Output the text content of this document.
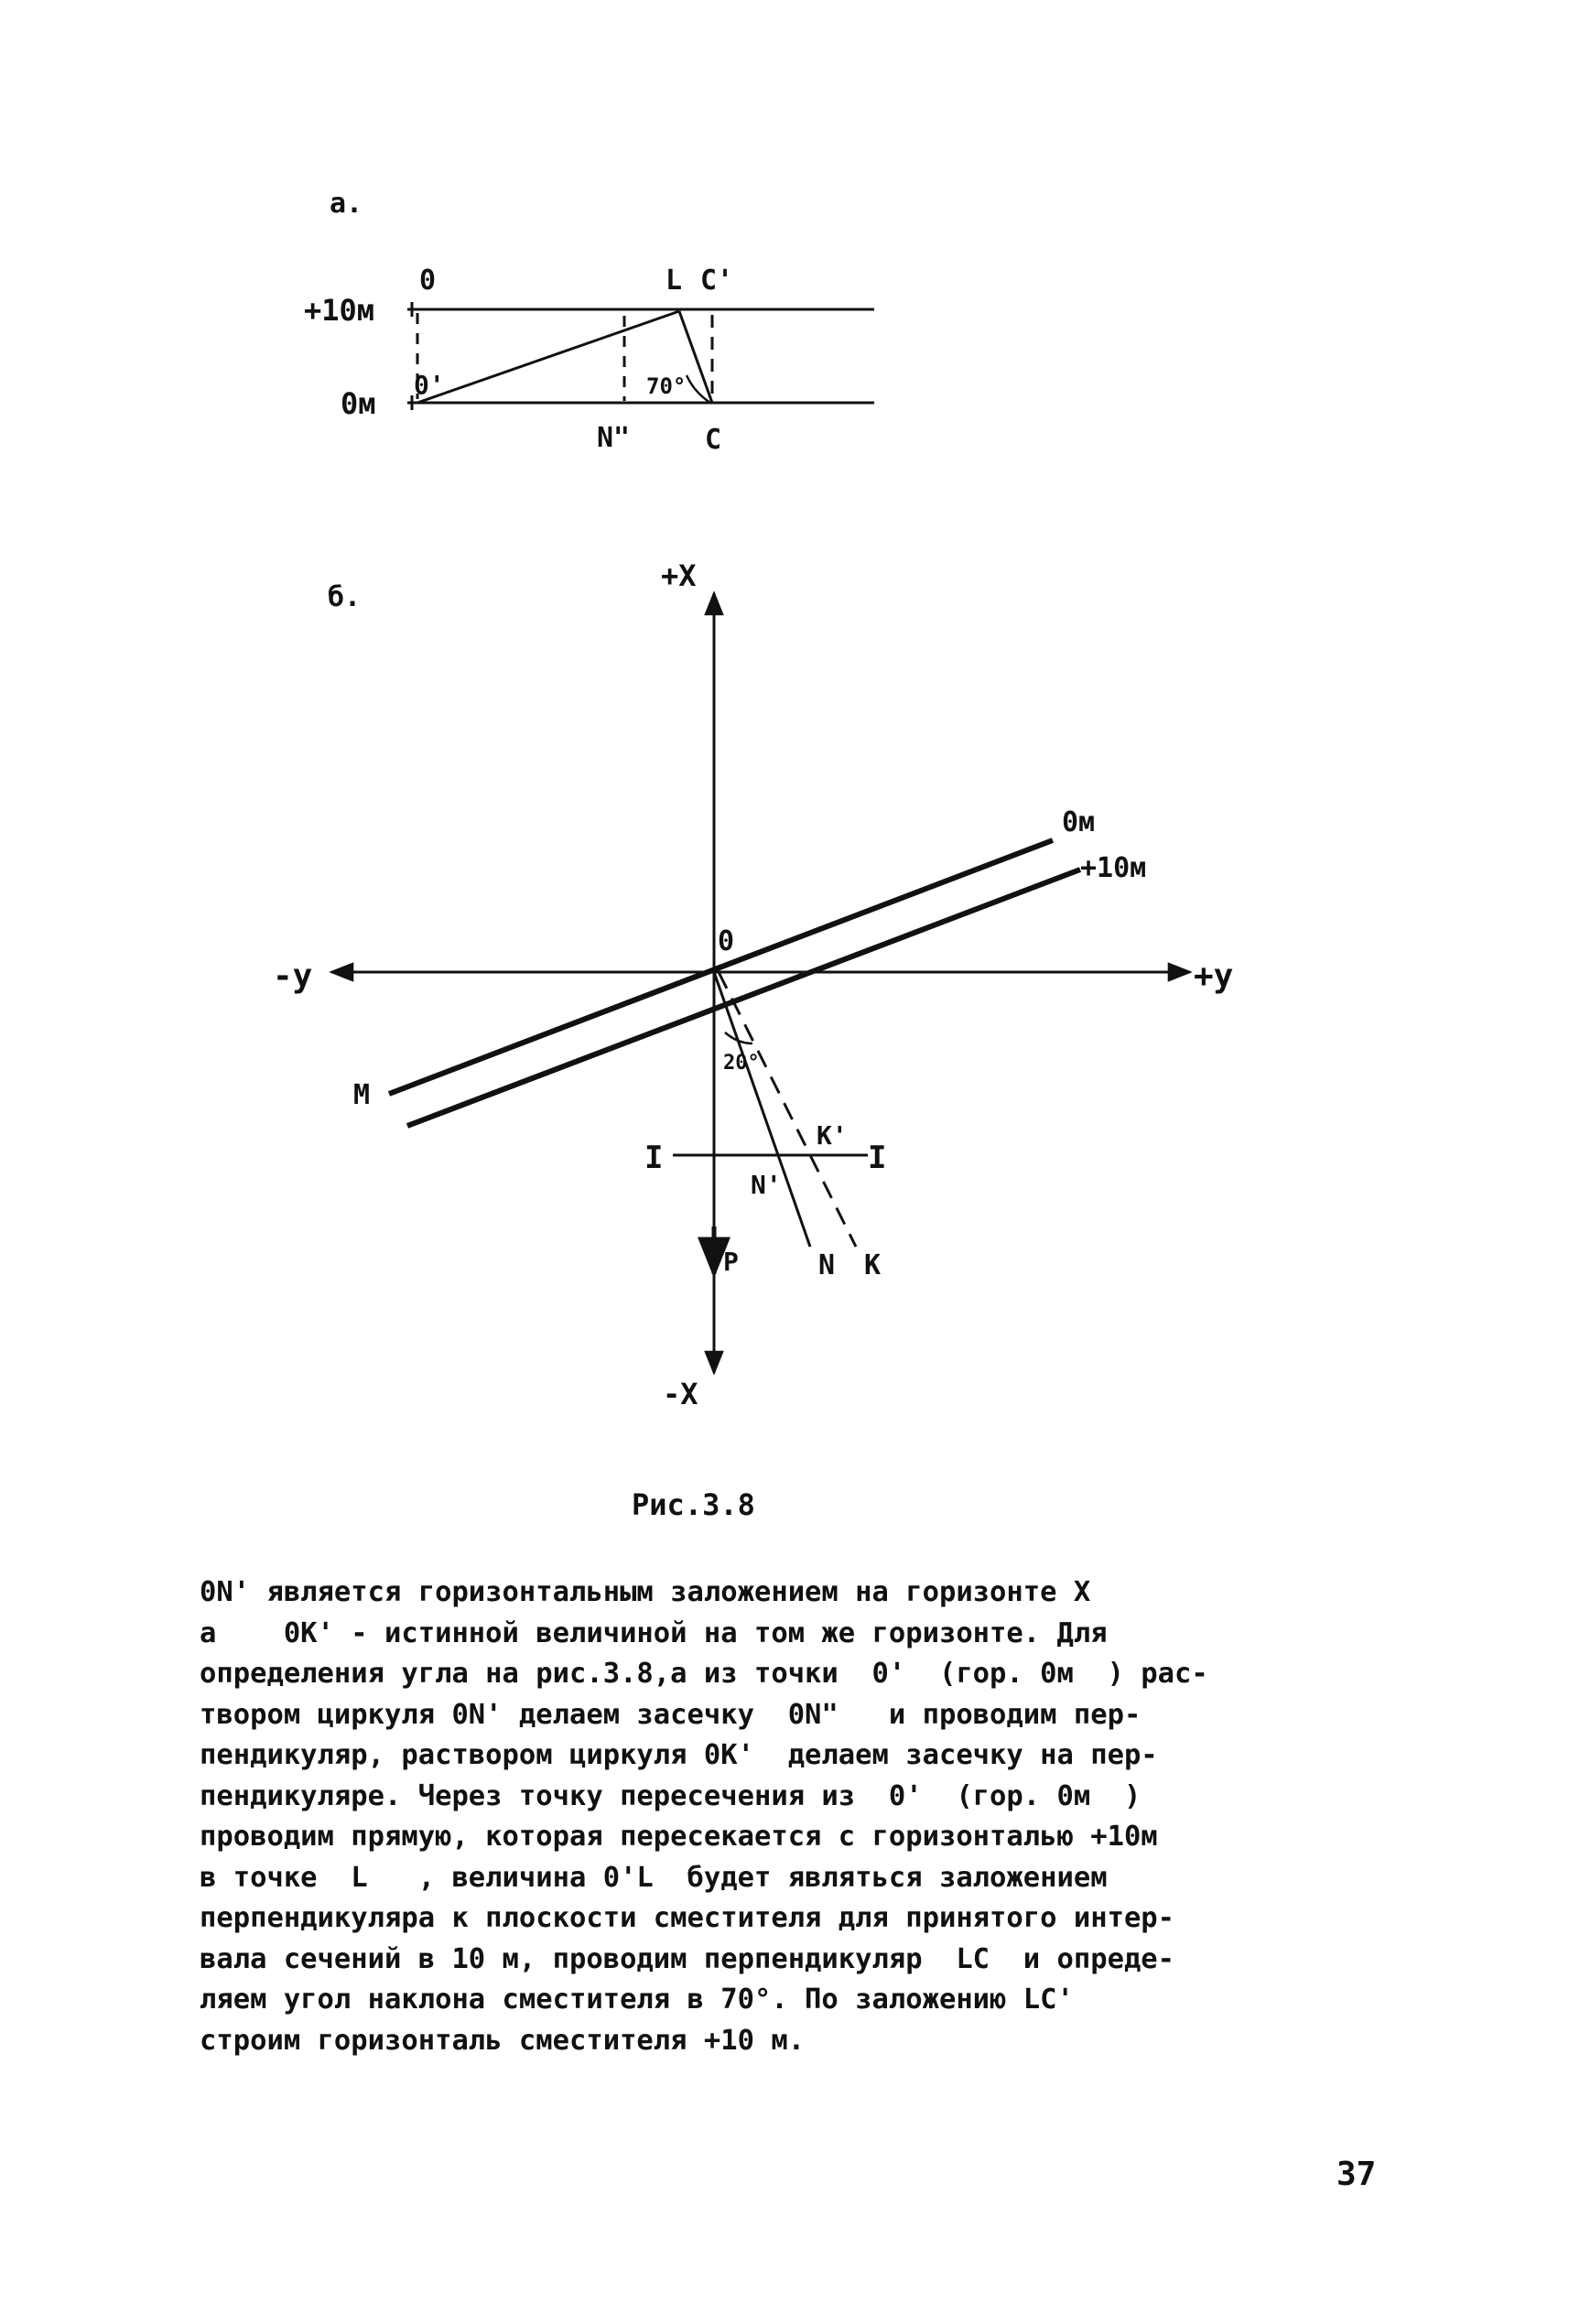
а.
+10м
0м
0
0'
L C'
N"	C
70°
б.
+X
-X
-y	+y
0
0м
+10м
M
20°
K'
N'
I	I
P	N K

Рис.3.8

0N' является горизонтальным заложением на горизонте X
а    0К' - истинной величиной на том же горизонте. Для
определения угла на рис.3.8,а из точки  0'  (гор. 0м  ) рас-
твором циркуля 0N' делаем засечку  0N"   и проводим пер-
пендикуляр, раствором циркуля 0К'  делаем засечку на пер-
пендикуляре. Через точку пересечения из  0'  (гор. 0м  )
проводим прямую, которая пересекается с горизонталью +10м
в точке  L   , величина 0'L  будет являться заложением
перпендикуляра к плоскости сместителя для принятого интер-
вала сечений в 10 м, проводим перпендикуляр  LC  и опреде-
ляем угол наклона сместителя в 70°. По заложению LC'
строим горизонталь сместителя +10 м.

37
